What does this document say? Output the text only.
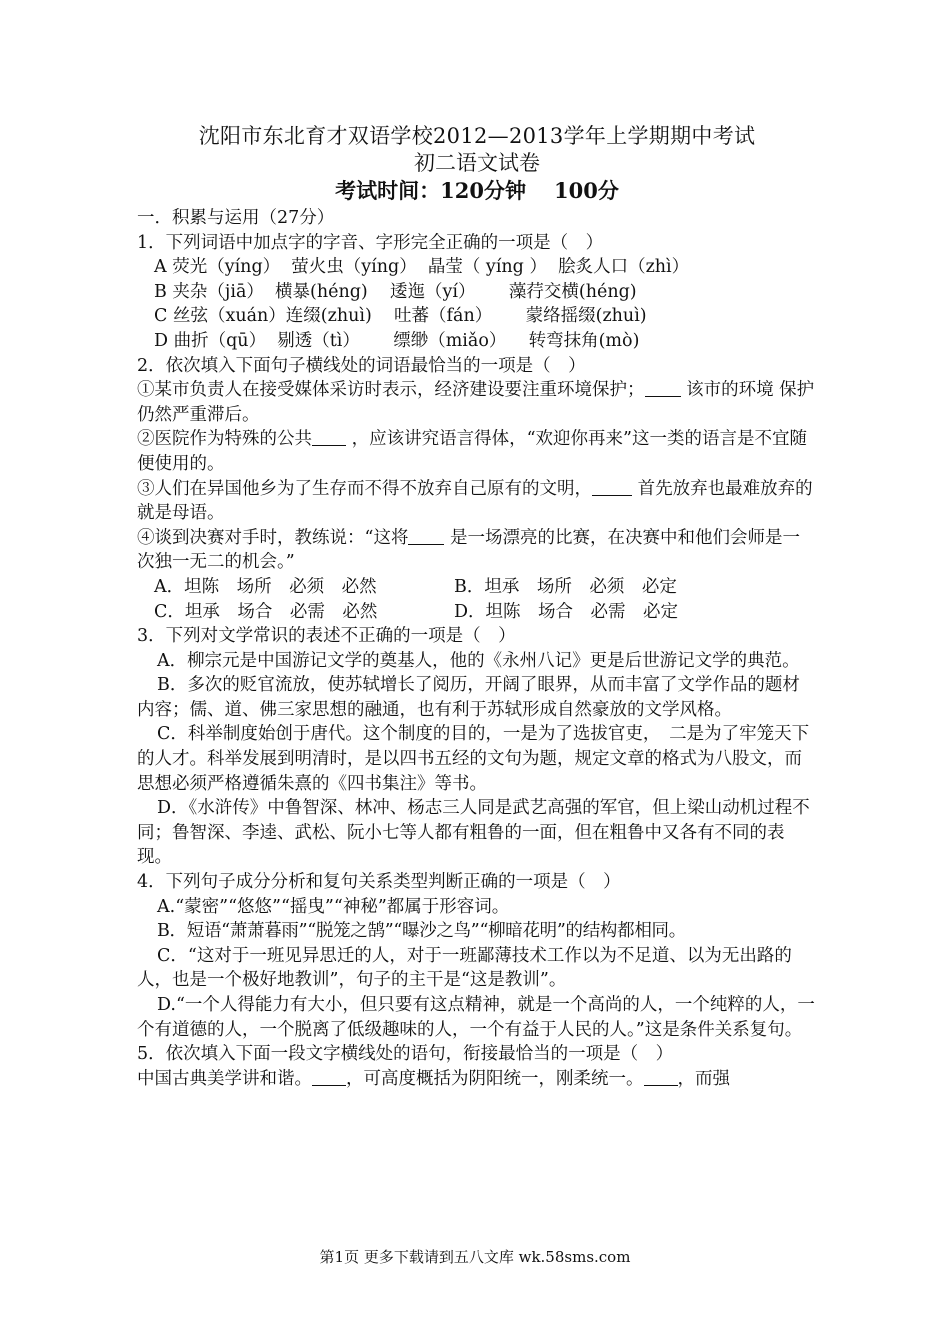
沈阳市东北育才双语学校2012—2013学年上学期期中考试
初二语文试卷
考试时间：120分钟 100分
一．积累与运用（27分）
1．下列词语中加点字的字音、字形完全正确的一项是（　）
A 荧光（yíng）  萤火虫（yíng）  晶莹（ yíng ）  脍炙人口（zhì）
B 夹杂（jiā）  横暴(héng)    逶迤（yí）      藻荇交横(héng)
C 丝弦（xuán）连缀(zhuì)    吐蕃（fán）      蒙络摇缀(zhuì)
D 曲折（qū）  剔透（tì）      缥缈（miǎo）    转弯抹角(mò)
2．依次填入下面句子横线处的词语最恰当的一项是（　）
①某市负责人在接受媒体采访时表示，经济建设要注重环境保护； 该市的环境 保护仍然严重滞后。
②医院作为特殊的公共 ，应该讲究语言得体，“欢迎你再来”这一类的语言是不宜随便使用的。
③人们在异国他乡为了生存而不得不放弃自己原有的文明，	首先放弃也最难放弃的就是母语。
④谈到决赛对手时，教练说：“这将 是一场漂亮的比赛，在决赛中和他们会师是一次独一无二的机会。”
A．坦陈　场所　必须　必然	B．坦承　场所　必须　必定
C．坦承　场合　必需　必然	D．坦陈　场合　必需　必定
3．下列对文学常识的表述不正确的一项是（　）
A．柳宗元是中国游记文学的奠基人，他的《永州八记》更是后世游记文学的典范。
B．多次的贬官流放，使苏轼增长了阅历，开阔了眼界，从而丰富了文学作品的题材内容；儒、道、佛三家思想的融通，也有利于苏轼形成自然豪放的文学风格。
C．科举制度始创于唐代。这个制度的目的，一是为了选拔官吏，　二是为了牢笼天下的人才。科举发展到明清时，是以四书五经的文句为题，规定文章的格式为八股文，而思想必须严格遵循朱熹的《四书集注》等书。
D．《水浒传》中鲁智深、林冲、杨志三人同是武艺高强的军官，但上梁山动机过程不同；鲁智深、李逵、武松、阮小七等人都有粗鲁的一面，但在粗鲁中又各有不同的表现。
4．下列句子成分分析和复句关系类型判断正确的一项是（　）
A.“蒙密”“悠悠”“摇曳”“神秘”都属于形容词。
B．短语“萧萧暮雨”“脱笼之鹄”“曝沙之鸟”“柳暗花明”的结构都相同。
C．“这对于一班见异思迁的人，对于一班鄙薄技术工作以为不足道、以为无出路的人，也是一个极好地教训”，句子的主干是“这是教训”。
D.“一个人得能力有大小，但只要有这点精神，就是一个高尚的人，一个纯粹的人，一个有道德的人，一个脱离了低级趣味的人，一个有益于人民的人。”这是条件关系复句。
5．依次填入下面一段文字横线处的语句，衔接最恰当的一项是（　）
中国古典美学讲和谐。 ，可高度概括为阴阳统一，刚柔统一。 ，而强
第1页 更多下载请到五八文库 wk.58sms.com
